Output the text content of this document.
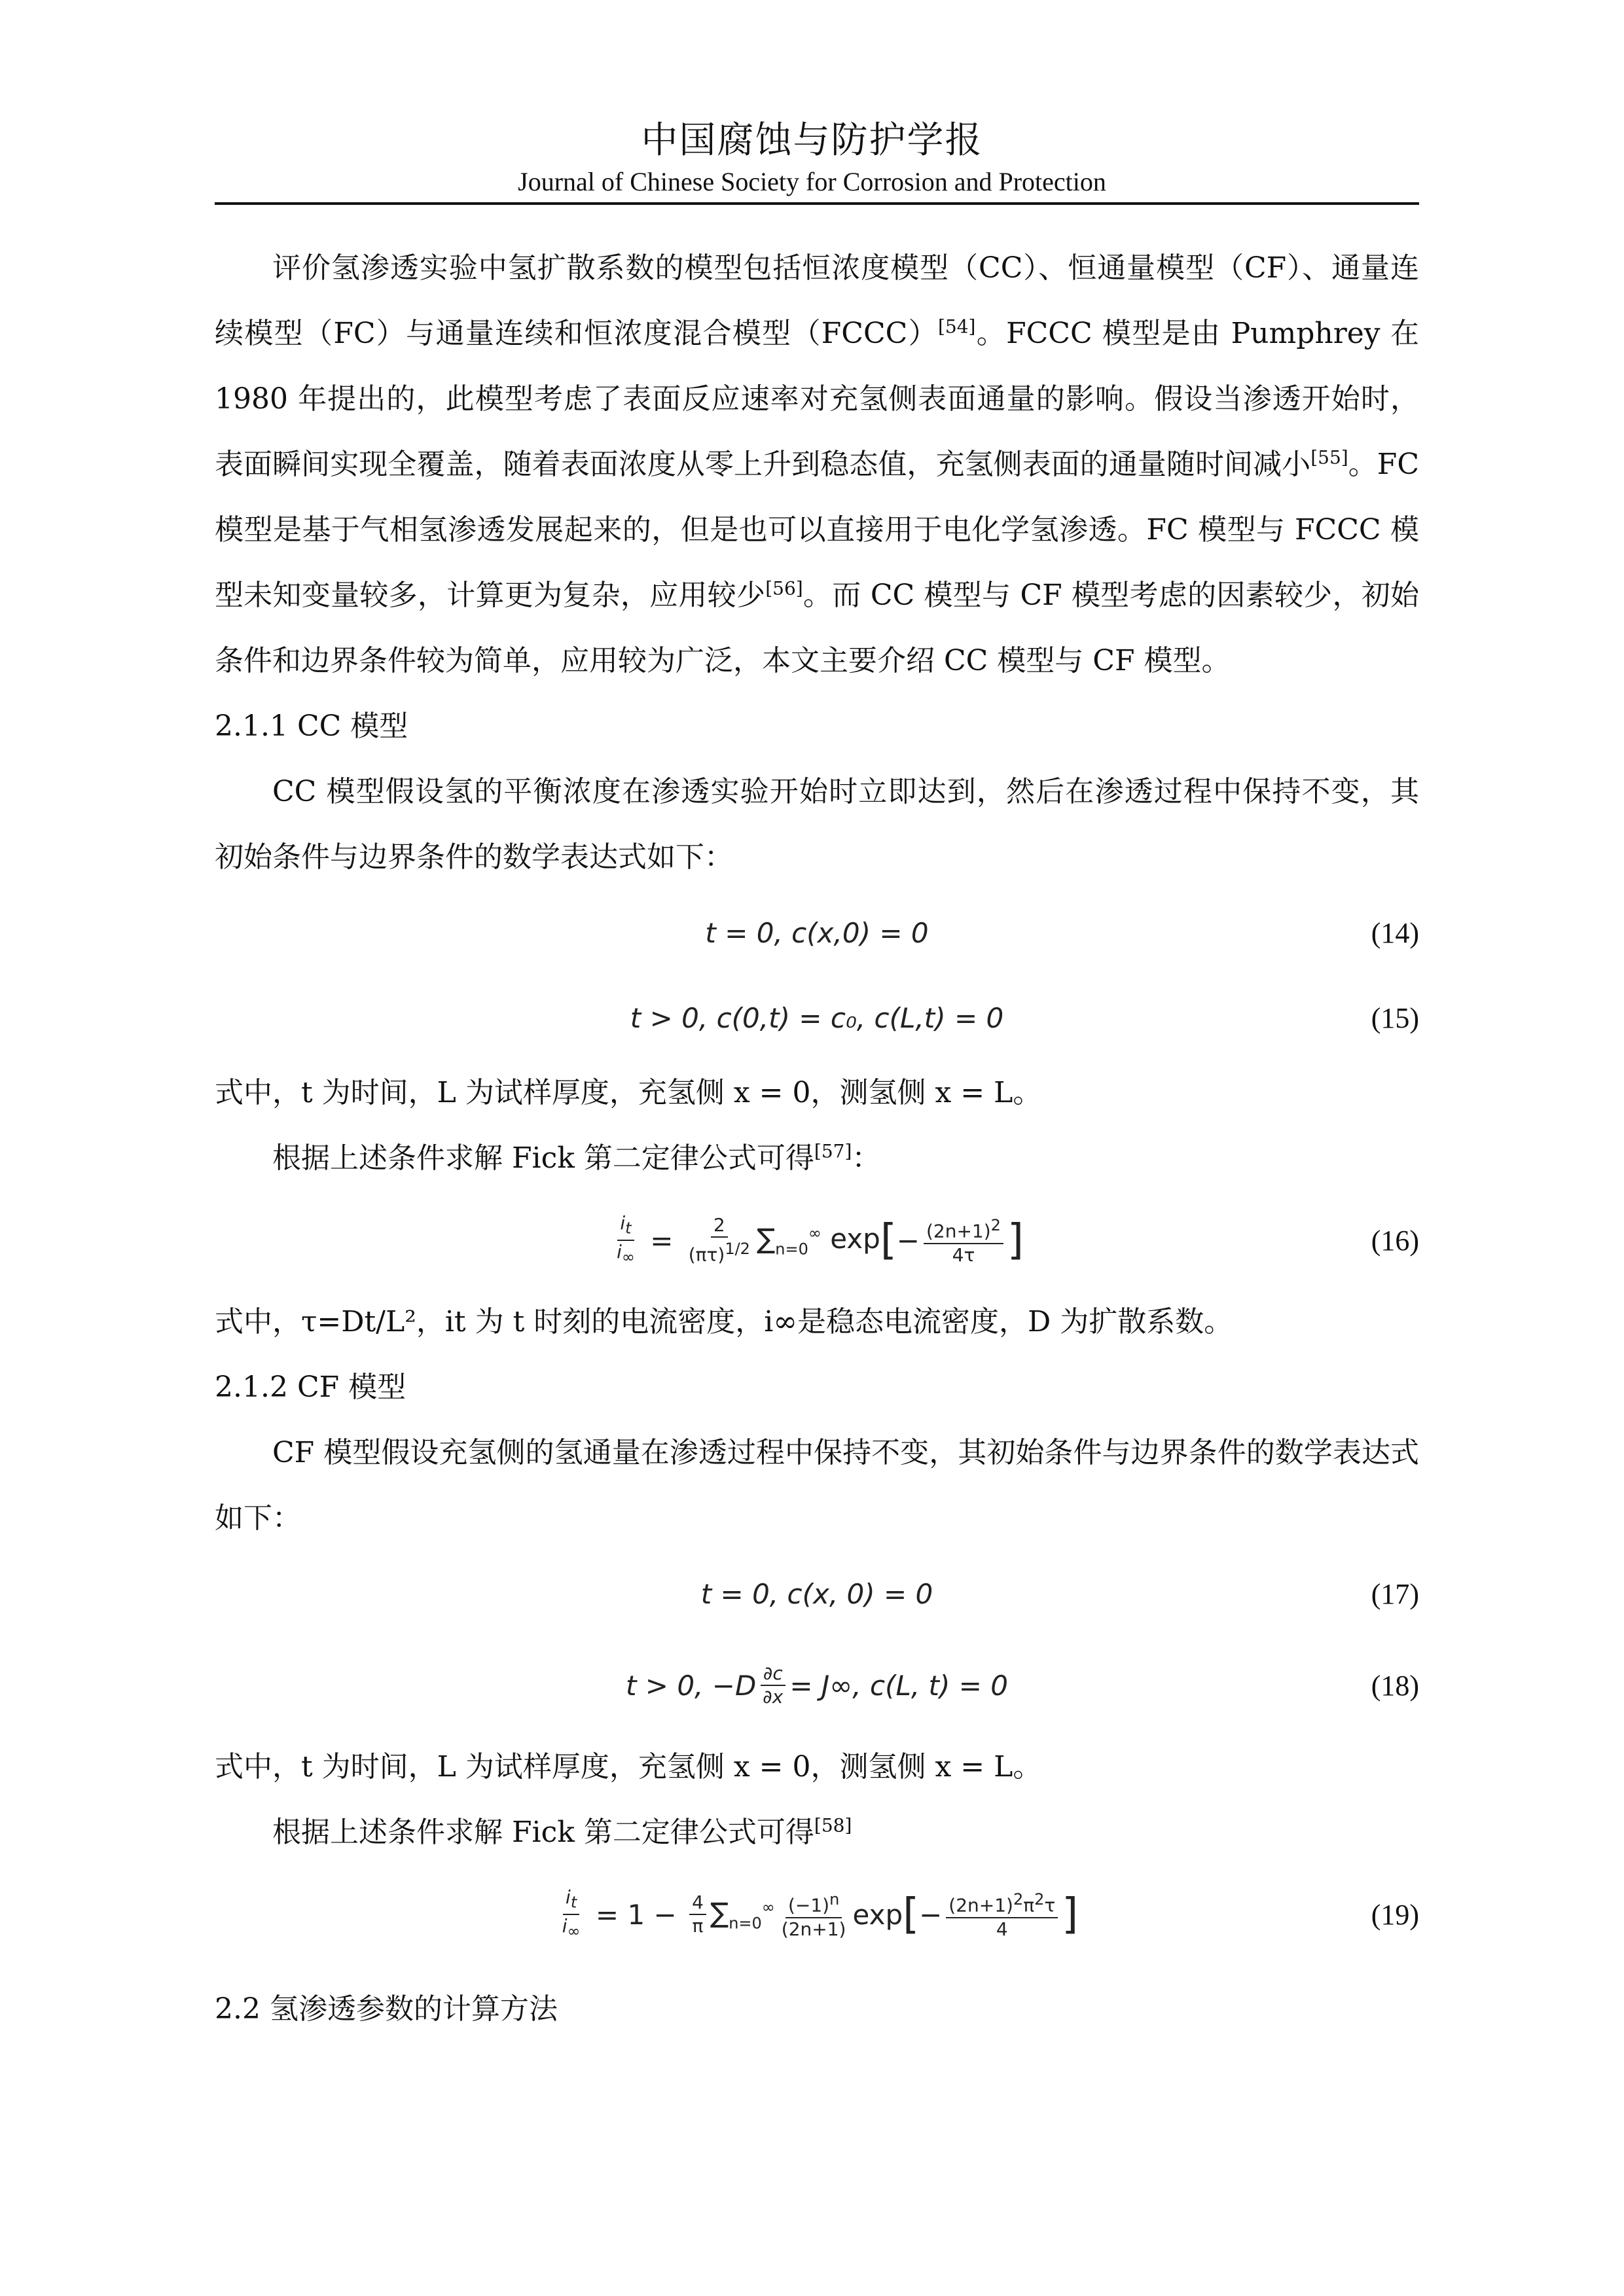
中国腐蚀与防护学报
Journal of Chinese Society for Corrosion and Protection

评价氢渗透实验中氢扩散系数的模型包括恒浓度模型（CC）、恒通量模型（CF）、通量连续模型（FC）与通量连续和恒浓度混合模型（FCCC）[54]。FCCC 模型是由 Pumphrey 在 1980 年提出的，此模型考虑了表面反应速率对充氢侧表面通量的影响。假设当渗透开始时，表面瞬间实现全覆盖，随着表面浓度从零上升到稳态值，充氢侧表面的通量随时间减小[55]。FC 模型是基于气相氢渗透发展起来的，但是也可以直接用于电化学氢渗透。FC 模型与 FCCC 模型未知变量较多，计算更为复杂，应用较少[56]。而 CC 模型与 CF 模型考虑的因素较少，初始条件和边界条件较为简单，应用较为广泛，本文主要介绍 CC 模型与 CF 模型。

2.1.1 CC 模型

CC 模型假设氢的平衡浓度在渗透实验开始时立即达到，然后在渗透过程中保持不变，其初始条件与边界条件的数学表达式如下：

t = 0, c(x,0) = 0	(14)
t > 0, c(0,t) = c₀, c(L,t) = 0	(15)

式中，t 为时间，L 为试样厚度，充氢侧 x = 0，测氢侧 x = L。

根据上述条件求解 Fick 第二定律公式可得[57]：

$\frac{it}{i\infty} = \frac{2}{(\pi\tau)1/2} \sum_{n=0}^\infty$ exp [ − $\frac{(2n+1)2}{4\tau}$ ]	(16)

式中，τ=Dt/L²，it 为 t 时刻的电流密度，i∞是稳态电流密度，D 为扩散系数。

2.1.2 CF 模型

CF 模型假设充氢侧的氢通量在渗透过程中保持不变，其初始条件与边界条件的数学表达式如下：

t = 0, c(x, 0) = 0	(17)
t > 0, $-D \frac{\partial c}{\partial x} = J\infty$, c(L, t) = 0	(18)

式中，t 为时间，L 为试样厚度，充氢侧 x = 0，测氢侧 x = L。

根据上述条件求解 Fick 第二定律公式可得[58]

$\frac{it}{i\infty} = 1 - \frac{4}{\pi} \sum_{n=0}^\infty \frac{(-1)n}{(2n+1)}$ exp [ − $\frac{(2n+1)2\pi 2\tau}{4}$ ]	(19)

2.2 氢渗透参数的计算方法
